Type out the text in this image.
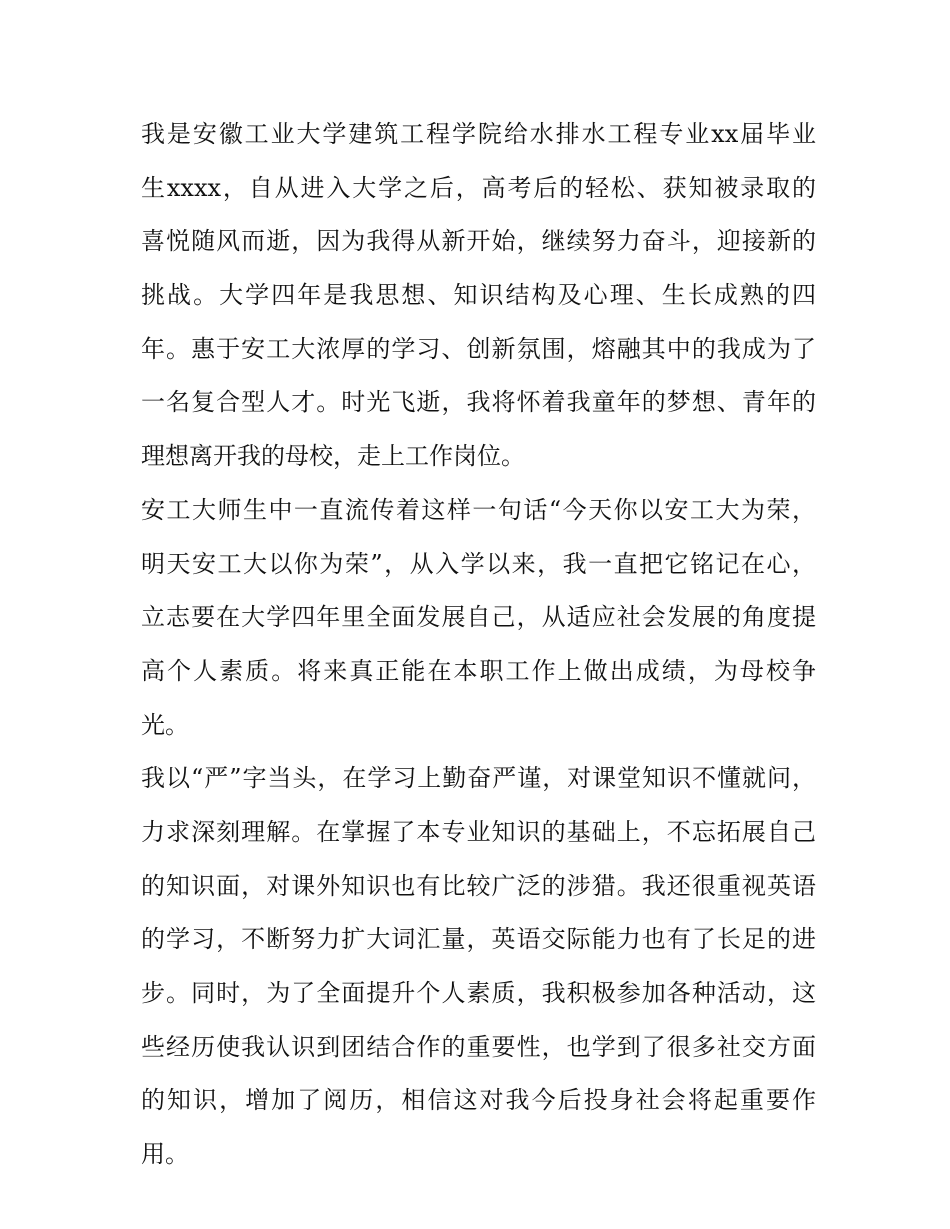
我是安徽工业大学建筑工程学院给水排水工程专业xx届毕业
生xxxx，自从进入大学之后，高考后的轻松、获知被录取的
喜悦随风而逝，因为我得从新开始，继续努力奋斗，迎接新的
挑战。大学四年是我思想、知识结构及心理、生长成熟的四
年。惠于安工大浓厚的学习、创新氛围，熔融其中的我成为了
一名复合型人才。时光飞逝，我将怀着我童年的梦想、青年的
理想离开我的母校，走上工作岗位。
安工大师生中一直流传着这样一句话“今天你以安工大为荣，
明天安工大以你为荣”，从入学以来，我一直把它铭记在心，
立志要在大学四年里全面发展自己，从适应社会发展的角度提
高个人素质。将来真正能在本职工作上做出成绩，为母校争
光。
我以“严”字当头，在学习上勤奋严谨，对课堂知识不懂就问，
力求深刻理解。在掌握了本专业知识的基础上，不忘拓展自己
的知识面，对课外知识也有比较广泛的涉猎。我还很重视英语
的学习，不断努力扩大词汇量，英语交际能力也有了长足的进
步。同时，为了全面提升个人素质，我积极参加各种活动，这
些经历使我认识到团结合作的重要性，也学到了很多社交方面
的知识，增加了阅历，相信这对我今后投身社会将起重要作
用。
